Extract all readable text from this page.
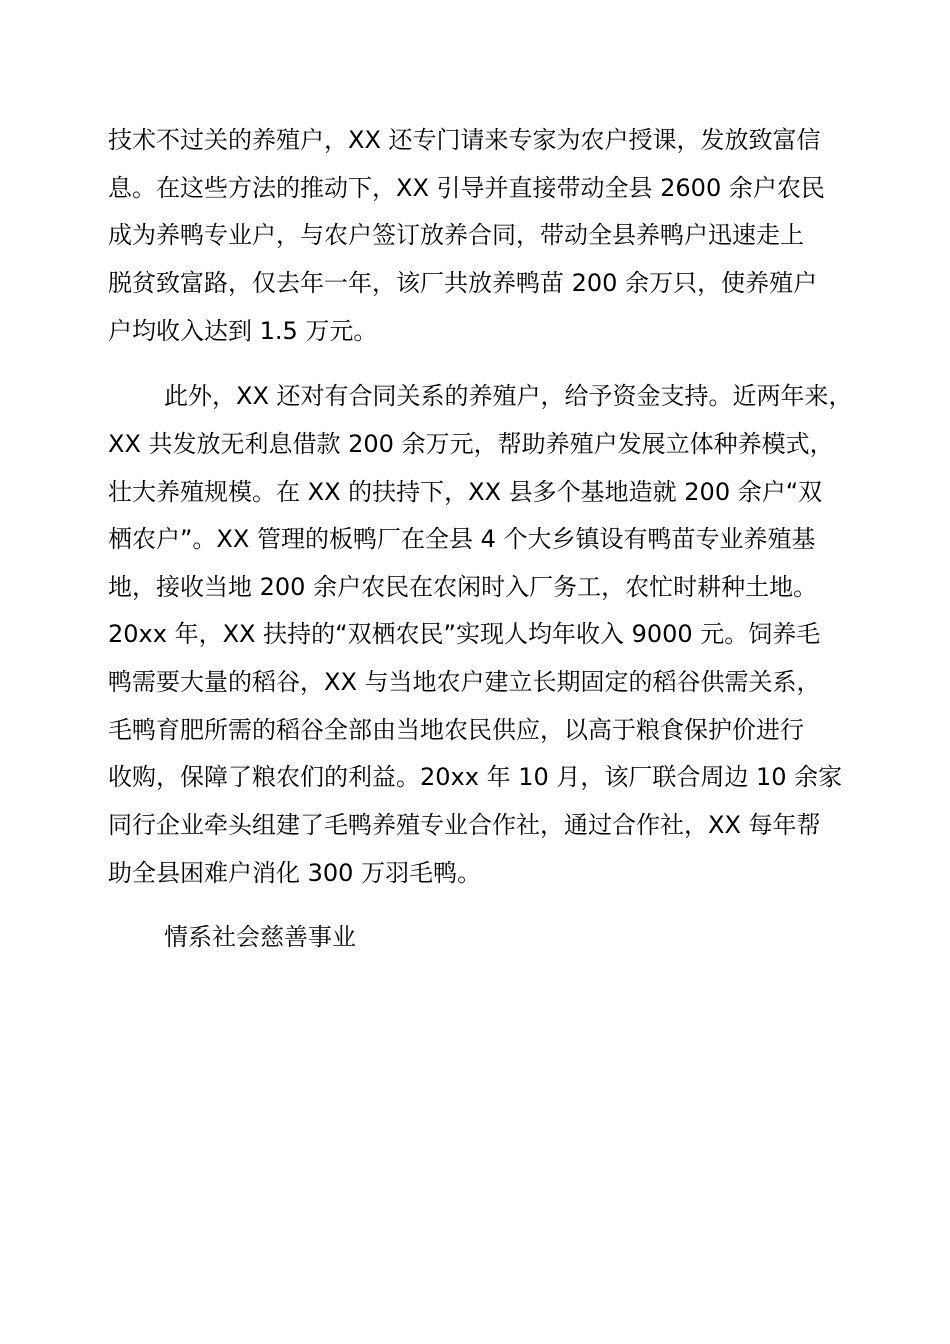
技术不过关的养殖户，XX 还专门请来专家为农户授课，发放致富信
息。在这些方法的推动下，XX 引导并直接带动全县 2600 余户农民
成为养鸭专业户，与农户签订放养合同，带动全县养鸭户迅速走上
脱贫致富路，仅去年一年，该厂共放养鸭苗 200 余万只，使养殖户
户均收入达到 1.5 万元。
此外，XX 还对有合同关系的养殖户，给予资金支持。近两年来，
XX 共发放无利息借款 200 余万元，帮助养殖户发展立体种养模式，
壮大养殖规模。在 XX 的扶持下，XX 县多个基地造就 200 余户“双
栖农户”。XX 管理的板鸭厂在全县 4 个大乡镇设有鸭苗专业养殖基
地，接收当地 200 余户农民在农闲时入厂务工，农忙时耕种土地。
20xx 年，XX 扶持的“双栖农民”实现人均年收入 9000 元。饲养毛
鸭需要大量的稻谷，XX 与当地农户建立长期固定的稻谷供需关系，
毛鸭育肥所需的稻谷全部由当地农民供应，以高于粮食保护价进行
收购，保障了粮农们的利益。20xx 年 10 月，该厂联合周边 10 余家
同行企业牵头组建了毛鸭养殖专业合作社，通过合作社，XX 每年帮
助全县困难户消化 300 万羽毛鸭。
情系社会慈善事业
